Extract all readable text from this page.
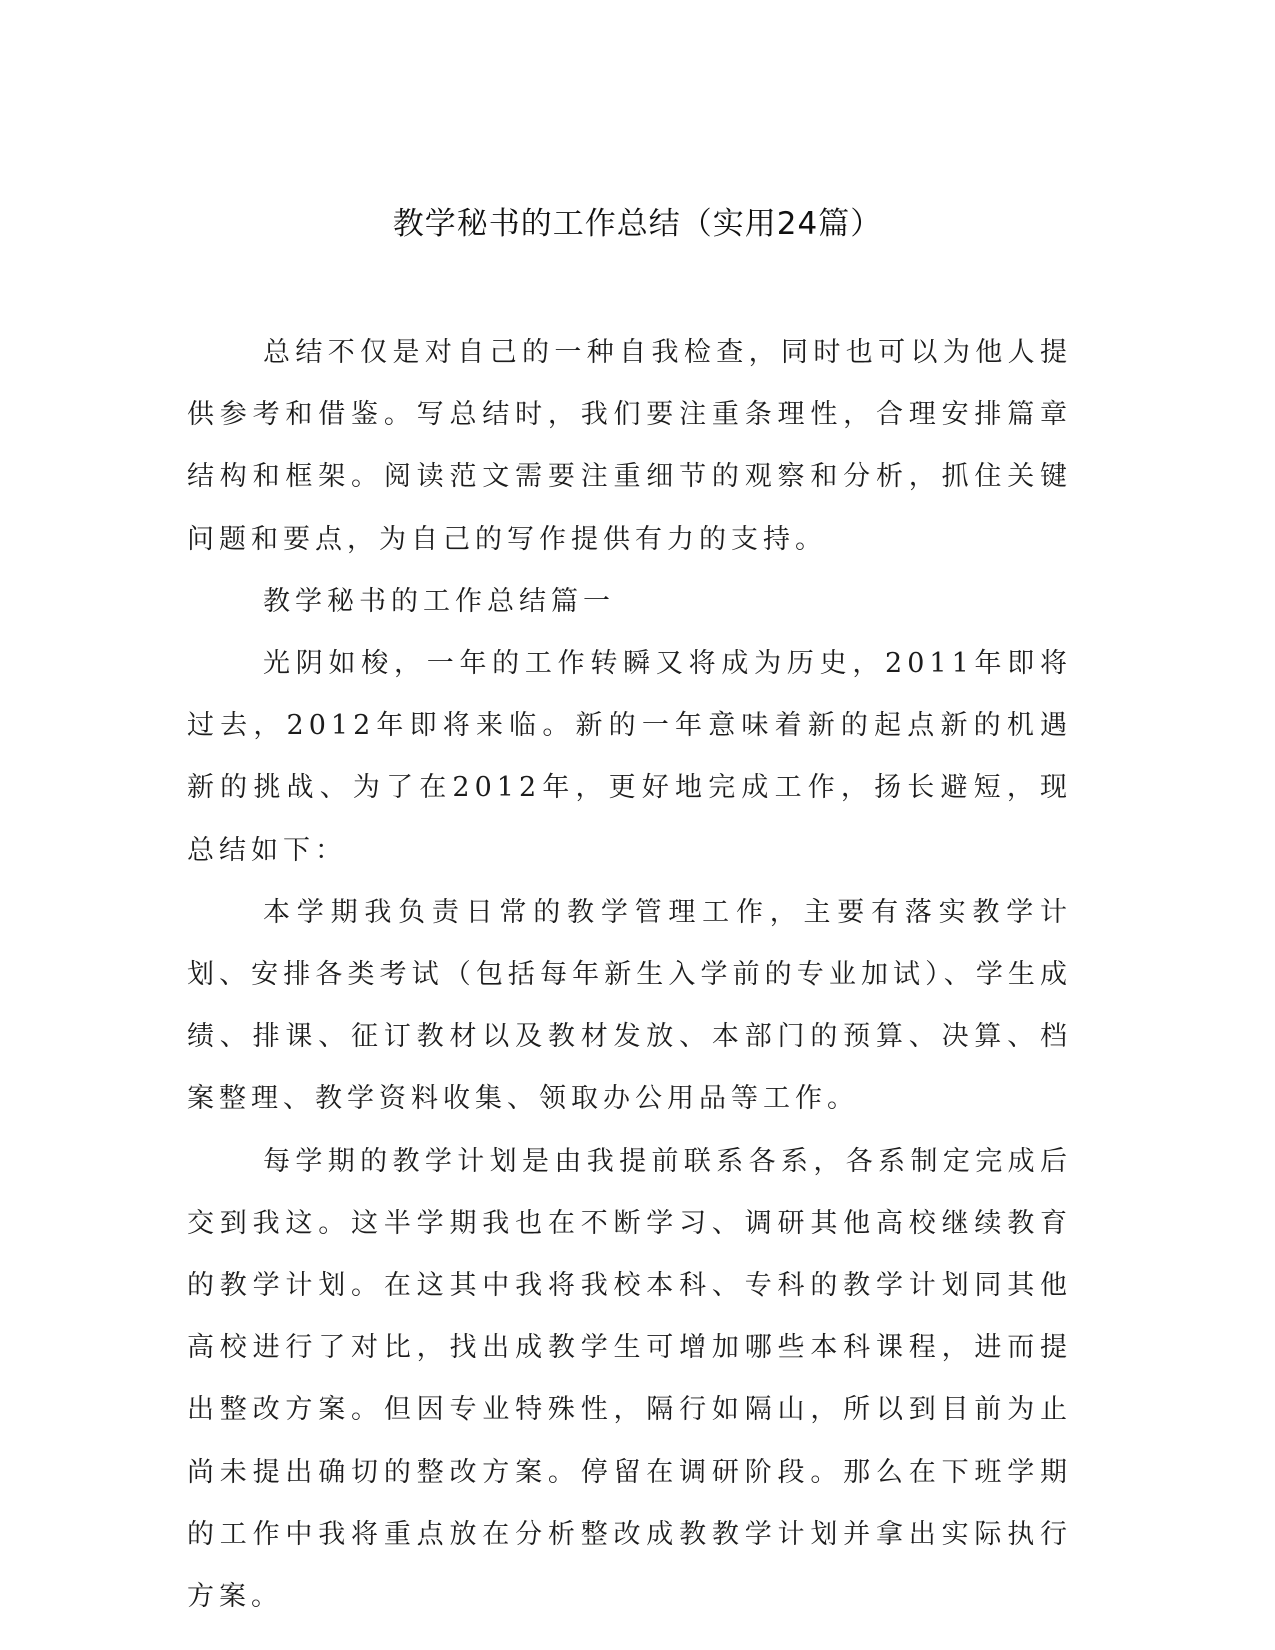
教学秘书的工作总结（实用24篇）

总结不仅是对自己的一种自我检查，同时也可以为他人提供参考和借鉴。写总结时，我们要注重条理性，合理安排篇章结构和框架。阅读范文需要注重细节的观察和分析，抓住关键问题和要点，为自己的写作提供有力的支持。

教学秘书的工作总结篇一

光阴如梭，一年的工作转瞬又将成为历史，2011年即将过去，2012年即将来临。新的一年意味着新的起点新的机遇新的挑战、为了在2012年，更好地完成工作，扬长避短，现总结如下：

本学期我负责日常的教学管理工作，主要有落实教学计划、安排各类考试（包括每年新生入学前的专业加试）、学生成绩、排课、征订教材以及教材发放、本部门的预算、决算、档案整理、教学资料收集、领取办公用品等工作。

每学期的教学计划是由我提前联系各系，各系制定完成后交到我这。这半学期我也在不断学习、调研其他高校继续教育的教学计划。在这其中我将我校本科、专科的教学计划同其他高校进行了对比，找出成教学生可增加哪些本科课程，进而提出整改方案。但因专业特殊性，隔行如隔山，所以到目前为止尚未提出确切的整改方案。停留在调研阶段。那么在下班学期的工作中我将重点放在分析整改成教教学计划并拿出实际执行方案。
